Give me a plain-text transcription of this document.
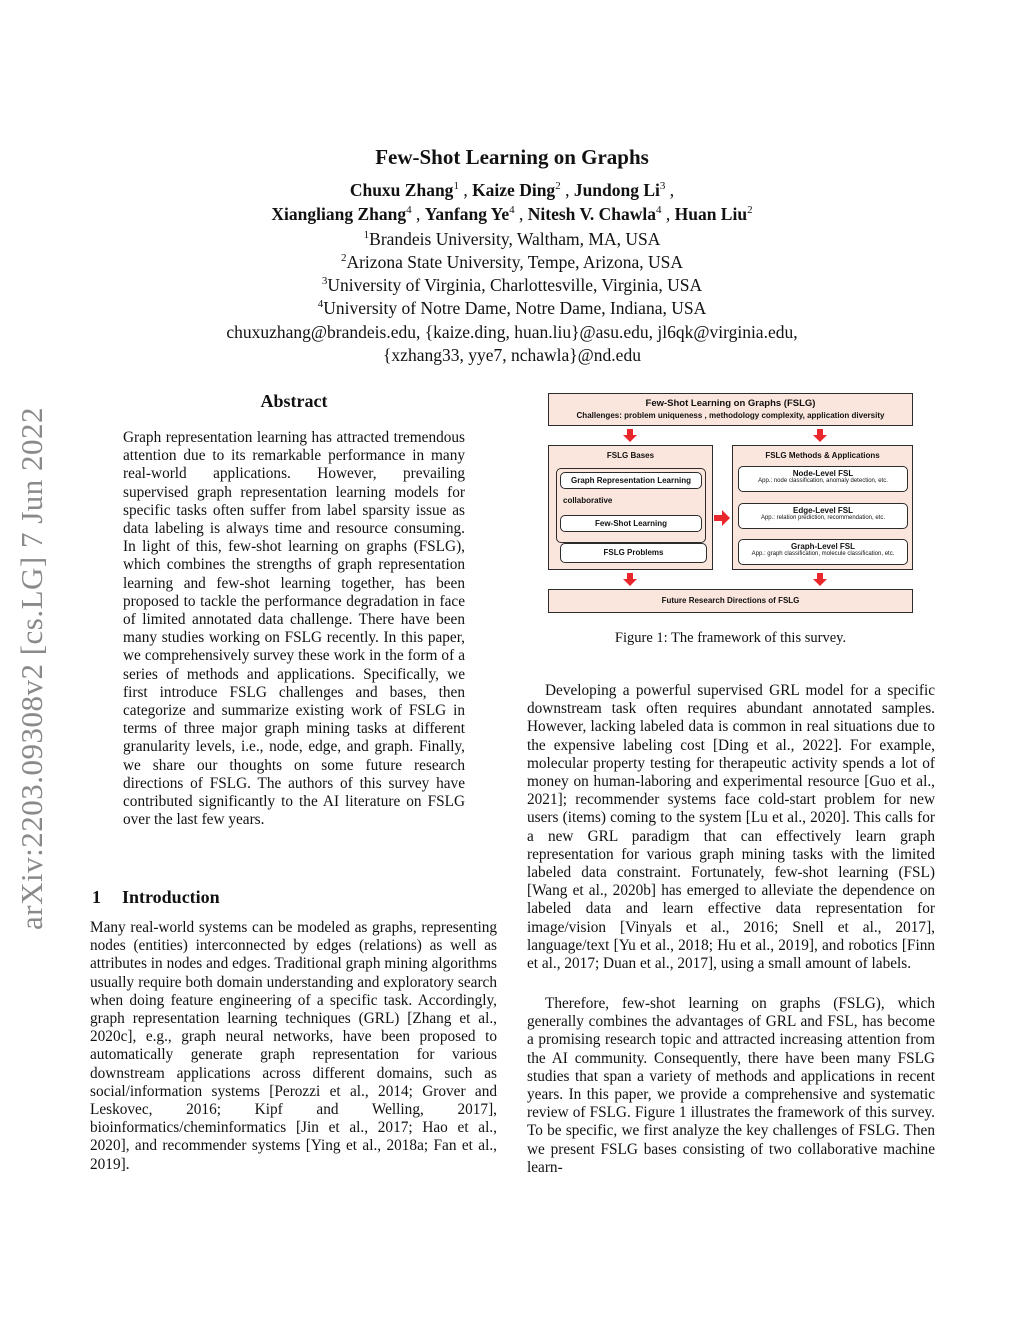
arXiv:2203.09308v2 [cs.LG] 7 Jun 2022
Few-Shot Learning on Graphs
Chuxu Zhang$^1$ , Kaize Ding$^2$ , Jundong Li$^3$ ,
Xiangliang Zhang$^4$ , Yanfang Ye$^4$ , Nitesh V. Chawla$^4$ , Huan Liu$^2$
$^1$Brandeis University, Waltham, MA, USA
$^2$Arizona State University, Tempe, Arizona, USA
$^3$University of Virginia, Charlottesville, Virginia, USA
$^4$University of Notre Dame, Notre Dame, Indiana, USA
chuxuzhang@brandeis.edu, {kaize.ding, huan.liu}@asu.edu, jl6qk@virginia.edu,
{xzhang33, yye7, nchawla}@nd.edu
Abstract

Graph representation learning has attracted tremendous attention due to its remarkable performance in many real-world applications. However, prevailing supervised graph representation learning models for specific tasks often suffer from label sparsity issue as data labeling is always time and resource consuming. In light of this, few-shot learning on graphs (FSLG), which combines the strengths of graph representation learning and few-shot learning together, has been proposed to tackle the performance degradation in face of limited annotated data challenge. There have been many studies working on FSLG recently. In this paper, we comprehensively survey these work in the form of a series of methods and applications. Specifically, we first introduce FSLG challenges and bases, then categorize and summarize existing work of FSLG in terms of three major graph mining tasks at different granularity levels, i.e., node, edge, and graph. Finally, we share our thoughts on some future research directions of FSLG. The authors of this survey have contributed significantly to the AI literature on FSLG over the last few years.

1 Introduction

Many real-world systems can be modeled as graphs, representing nodes (entities) interconnected by edges (relations) as well as attributes in nodes and edges. Traditional graph mining algorithms usually require both domain understanding and exploratory search when doing feature engineering of a specific task. Accordingly, graph representation learning techniques (GRL) [Zhang et al., 2020c], e.g., graph neural networks, have been proposed to automatically generate graph representation for various downstream applications across different domains, such as social/information systems [Perozzi et al., 2014; Grover and Leskovec, 2016; Kipf and Welling, 2017], bioinformatics/cheminformatics [Jin et al., 2017; Hao et al., 2020], and recommender systems [Ying et al., 2018a; Fan et al., 2019].

Few-Shot Learning on Graphs (FSLG)
Challenges: problem uniqueness , methodology complexity, application diversity
FSLG Bases
Graph Representation Learning
collaborative
Few-Shot Learning
FSLG Problems
FSLG Methods & Applications
Node-Level FSL
App.: node classification, anomaly detection, etc.
Edge-Level FSL
App.: relation prediction, recommendation, etc.
Graph-Level FSL
App.: graph classification, molecule classification, etc.
Future Research Directions of FSLG
Figure 1: The framework of this survey.

Developing a powerful supervised GRL model for a specific downstream task often requires abundant annotated samples. However, lacking labeled data is common in real situations due to the expensive labeling cost [Ding et al., 2022]. For example, molecular property testing for therapeutic activity spends a lot of money on human-laboring and experimental resource [Guo et al., 2021]; recommender systems face cold-start problem for new users (items) coming to the system [Lu et al., 2020]. This calls for a new GRL paradigm that can effectively learn graph representation for various graph mining tasks with the limited labeled data constraint. Fortunately, few-shot learning (FSL) [Wang et al., 2020b] has emerged to alleviate the dependence on labeled data and learn effective data representation for image/vision [Vinyals et al., 2016; Snell et al., 2017], language/text [Yu et al., 2018; Hu et al., 2019], and robotics [Finn et al., 2017; Duan et al., 2017], using a small amount of labels.

Therefore, few-shot learning on graphs (FSLG), which generally combines the advantages of GRL and FSL, has become a promising research topic and attracted increasing attention from the AI community. Consequently, there have been many FSLG studies that span a variety of methods and applications in recent years. In this paper, we provide a comprehensive and systematic review of FSLG. Figure 1 illustrates the framework of this survey. To be specific, we first analyze the key challenges of FSLG. Then we present FSLG bases consisting of two collaborative machine learn-
